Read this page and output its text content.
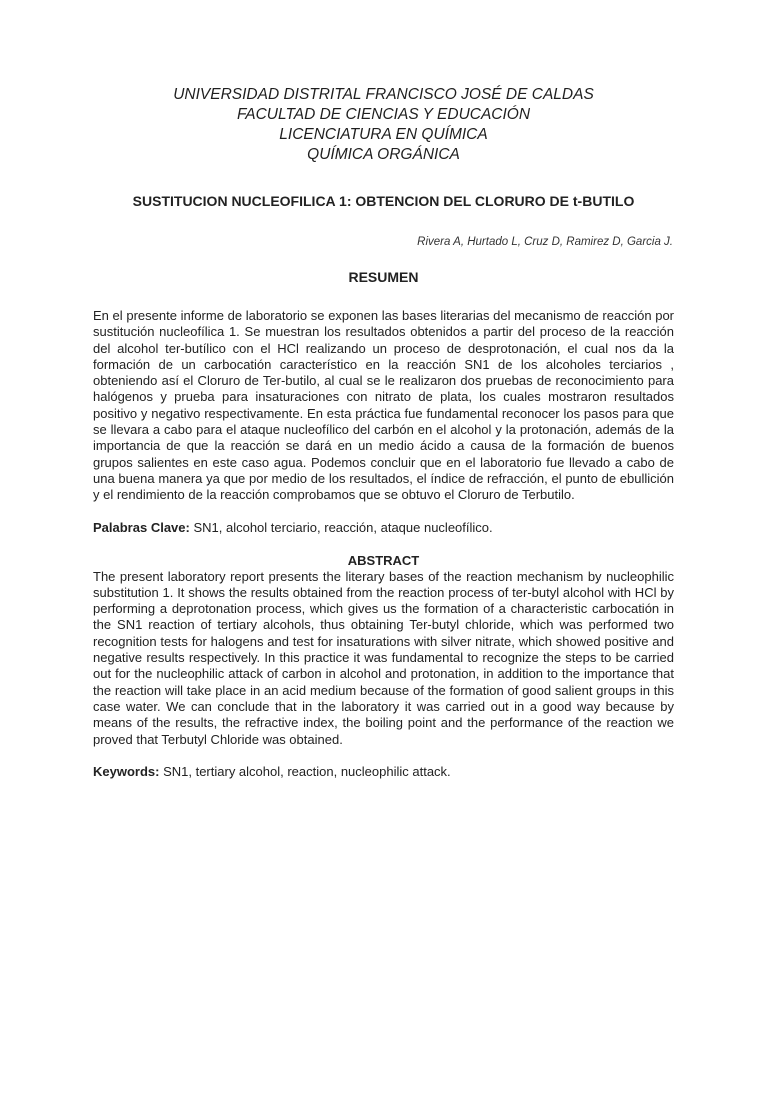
UNIVERSIDAD DISTRITAL FRANCISCO JOSÉ DE CALDAS
FACULTAD DE CIENCIAS Y EDUCACIÓN
LICENCIATURA EN QUÍMICA
QUÍMICA ORGÁNICA
SUSTITUCION NUCLEOFILICA 1: OBTENCION DEL CLORURO DE t-BUTILO
Rivera A, Hurtado L, Cruz D, Ramirez D, Garcia J.
RESUMEN
En el presente informe de laboratorio se exponen las bases literarias del mecanismo de reacción por sustitución nucleofílica 1. Se muestran los resultados obtenidos a partir del proceso de la reacción del alcohol ter-butílico con el HCl realizando un proceso de desprotonación, el cual nos da la formación de un carbocatión característico en la reacción SN1 de los alcoholes terciarios , obteniendo así el Cloruro de Ter-butilo, al cual se le realizaron dos pruebas de reconocimiento para halógenos y prueba para insaturaciones con nitrato de plata, los cuales mostraron resultados positivo y negativo respectivamente. En esta práctica fue fundamental reconocer los pasos para que se llevara a cabo para el ataque nucleofílico del carbón en el alcohol y la protonación, además de la importancia de que la reacción se dará en un medio ácido a causa de la formación de buenos grupos salientes en este caso agua. Podemos concluir que en el laboratorio fue llevado a cabo de una buena manera ya que por medio de los resultados, el índice de refracción, el punto de ebullición y el rendimiento de la reacción comprobamos que se obtuvo el Cloruro de Terbutilo.
Palabras Clave: SN1, alcohol terciario, reacción, ataque nucleofílico.
ABSTRACT
The present laboratory report presents the literary bases of the reaction mechanism by nucleophilic substitution 1. It shows the results obtained from the reaction process of ter-butyl alcohol with HCl by performing a deprotonation process, which gives us the formation of a characteristic carbocatión in the SN1 reaction of tertiary alcohols, thus obtaining Ter-butyl chloride, which was performed two recognition tests for halogens and test for insaturations with silver nitrate, which showed positive and negative results respectively. In this practice it was fundamental to recognize the steps to be carried out for the nucleophilic attack of carbon in alcohol and protonation, in addition to the importance that the reaction will take place in an acid medium because of the formation of good salient groups in this case water. We can conclude that in the laboratory it was carried out in a good way because by means of the results, the refractive index, the boiling point and the performance of the reaction we proved that Terbutyl Chloride was obtained.
Keywords: SN1, tertiary alcohol, reaction, nucleophilic attack.
